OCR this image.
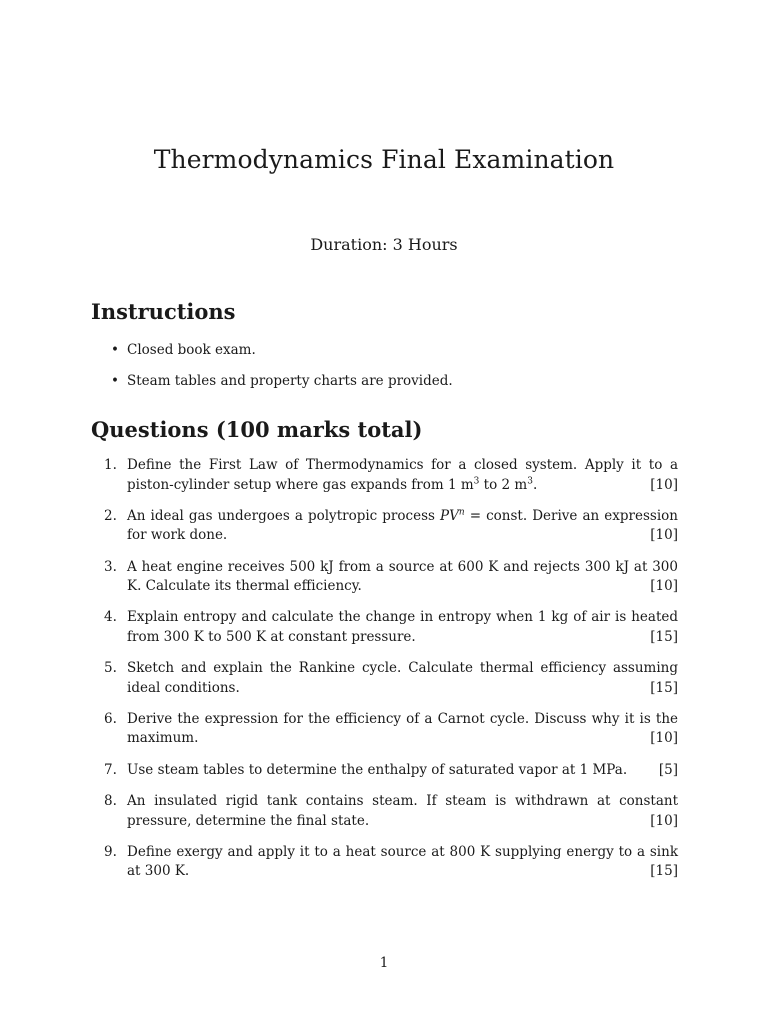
Thermodynamics Final Examination

Duration: 3 Hours

Instructions
• Closed book exam.
• Steam tables and property charts are provided.
Questions (100 marks total)
1. Define the First Law of Thermodynamics for a closed system. Apply it to a piston-cylinder setup where gas expands from 1 $m^3$ to 2 $m^3$.	[10]
2. An ideal gas undergoes a polytropic process $PV^n$ = const. Derive an expression for work done.	[10]
3. A heat engine receives 500 kJ from a source at 600 K and rejects 300 kJ at 300 K. Calculate its thermal efficiency.	[10]
4. Explain entropy and calculate the change in entropy when 1 kg of air is heated from 300 K to 500 K at constant pressure.	[15]
5. Sketch and explain the Rankine cycle. Calculate thermal efficiency assuming ideal conditions.	[15]
6. Derive the expression for the efficiency of a Carnot cycle. Discuss why it is the maximum.	[10]
7. Use steam tables to determine the enthalpy of saturated vapor at 1 MPa. [5]
8. An insulated rigid tank contains steam. If steam is withdrawn at constant pressure, determine the final state.	[10]
9. Define exergy and apply it to a heat source at 800 K supplying energy to a sink at 300 K.	[15]

1
